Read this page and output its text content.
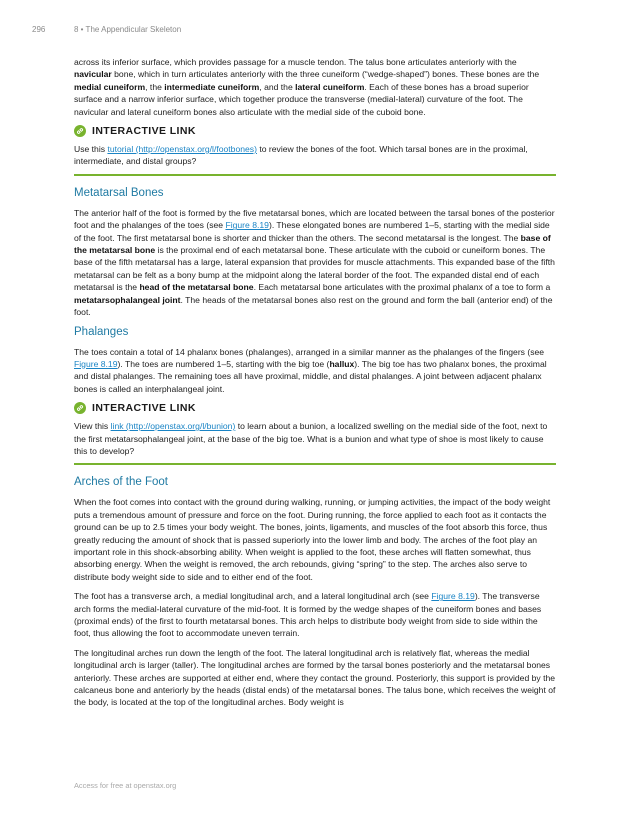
296	8 • The Appendicular Skeleton

across its inferior surface, which provides passage for a muscle tendon. The talus bone articulates anteriorly with the navicular bone, which in turn articulates anteriorly with the three cuneiform (“wedge-shaped”) bones. These bones are the medial cuneiform, the intermediate cuneiform, and the lateral cuneiform. Each of these bones has a broad superior surface and a narrow inferior surface, which together produce the transverse (medial-lateral) curvature of the foot. The navicular and lateral cuneiform bones also articulate with the medial side of the cuboid bone.

INTERACTIVE LINK

Use this tutorial (http://openstax.org/l/footbones) to review the bones of the foot. Which tarsal bones are in the proximal, intermediate, and distal groups?

Metatarsal Bones

The anterior half of the foot is formed by the five metatarsal bones, which are located between the tarsal bones of the posterior foot and the phalanges of the toes (see Figure 8.19). These elongated bones are numbered 1–5, starting with the medial side of the foot. The first metatarsal bone is shorter and thicker than the others. The second metatarsal is the longest. The base of the metatarsal bone is the proximal end of each metatarsal bone. These articulate with the cuboid or cuneiform bones. The base of the fifth metatarsal has a large, lateral expansion that provides for muscle attachments. This expanded base of the fifth metatarsal can be felt as a bony bump at the midpoint along the lateral border of the foot. The expanded distal end of each metatarsal is the head of the metatarsal bone. Each metatarsal bone articulates with the proximal phalanx of a toe to form a metatarsophalangeal joint. The heads of the metatarsal bones also rest on the ground and form the ball (anterior end) of the foot.

Phalanges

The toes contain a total of 14 phalanx bones (phalanges), arranged in a similar manner as the phalanges of the fingers (see Figure 8.19). The toes are numbered 1–5, starting with the big toe (hallux). The big toe has two phalanx bones, the proximal and distal phalanges. The remaining toes all have proximal, middle, and distal phalanges. A joint between adjacent phalanx bones is called an interphalangeal joint.

INTERACTIVE LINK

View this link (http://openstax.org/l/bunion) to learn about a bunion, a localized swelling on the medial side of the foot, next to the first metatarsophalangeal joint, at the base of the big toe. What is a bunion and what type of shoe is most likely to cause this to develop?

Arches of the Foot

When the foot comes into contact with the ground during walking, running, or jumping activities, the impact of the body weight puts a tremendous amount of pressure and force on the foot. During running, the force applied to each foot as it contacts the ground can be up to 2.5 times your body weight. The bones, joints, ligaments, and muscles of the foot absorb this force, thus greatly reducing the amount of shock that is passed superiorly into the lower limb and body. The arches of the foot play an important role in this shock-absorbing ability. When weight is applied to the foot, these arches will flatten somewhat, thus absorbing energy. When the weight is removed, the arch rebounds, giving “spring” to the step. The arches also serve to distribute body weight side to side and to either end of the foot.

The foot has a transverse arch, a medial longitudinal arch, and a lateral longitudinal arch (see Figure 8.19). The transverse arch forms the medial-lateral curvature of the mid-foot. It is formed by the wedge shapes of the cuneiform bones and bases (proximal ends) of the first to fourth metatarsal bones. This arch helps to distribute body weight from side to side within the foot, thus allowing the foot to accommodate uneven terrain.

The longitudinal arches run down the length of the foot. The lateral longitudinal arch is relatively flat, whereas the medial longitudinal arch is larger (taller). The longitudinal arches are formed by the tarsal bones posteriorly and the metatarsal bones anteriorly. These arches are supported at either end, where they contact the ground. Posteriorly, this support is provided by the calcaneus bone and anteriorly by the heads (distal ends) of the metatarsal bones. The talus bone, which receives the weight of the body, is located at the top of the longitudinal arches. Body weight is

Access for free at openstax.org
